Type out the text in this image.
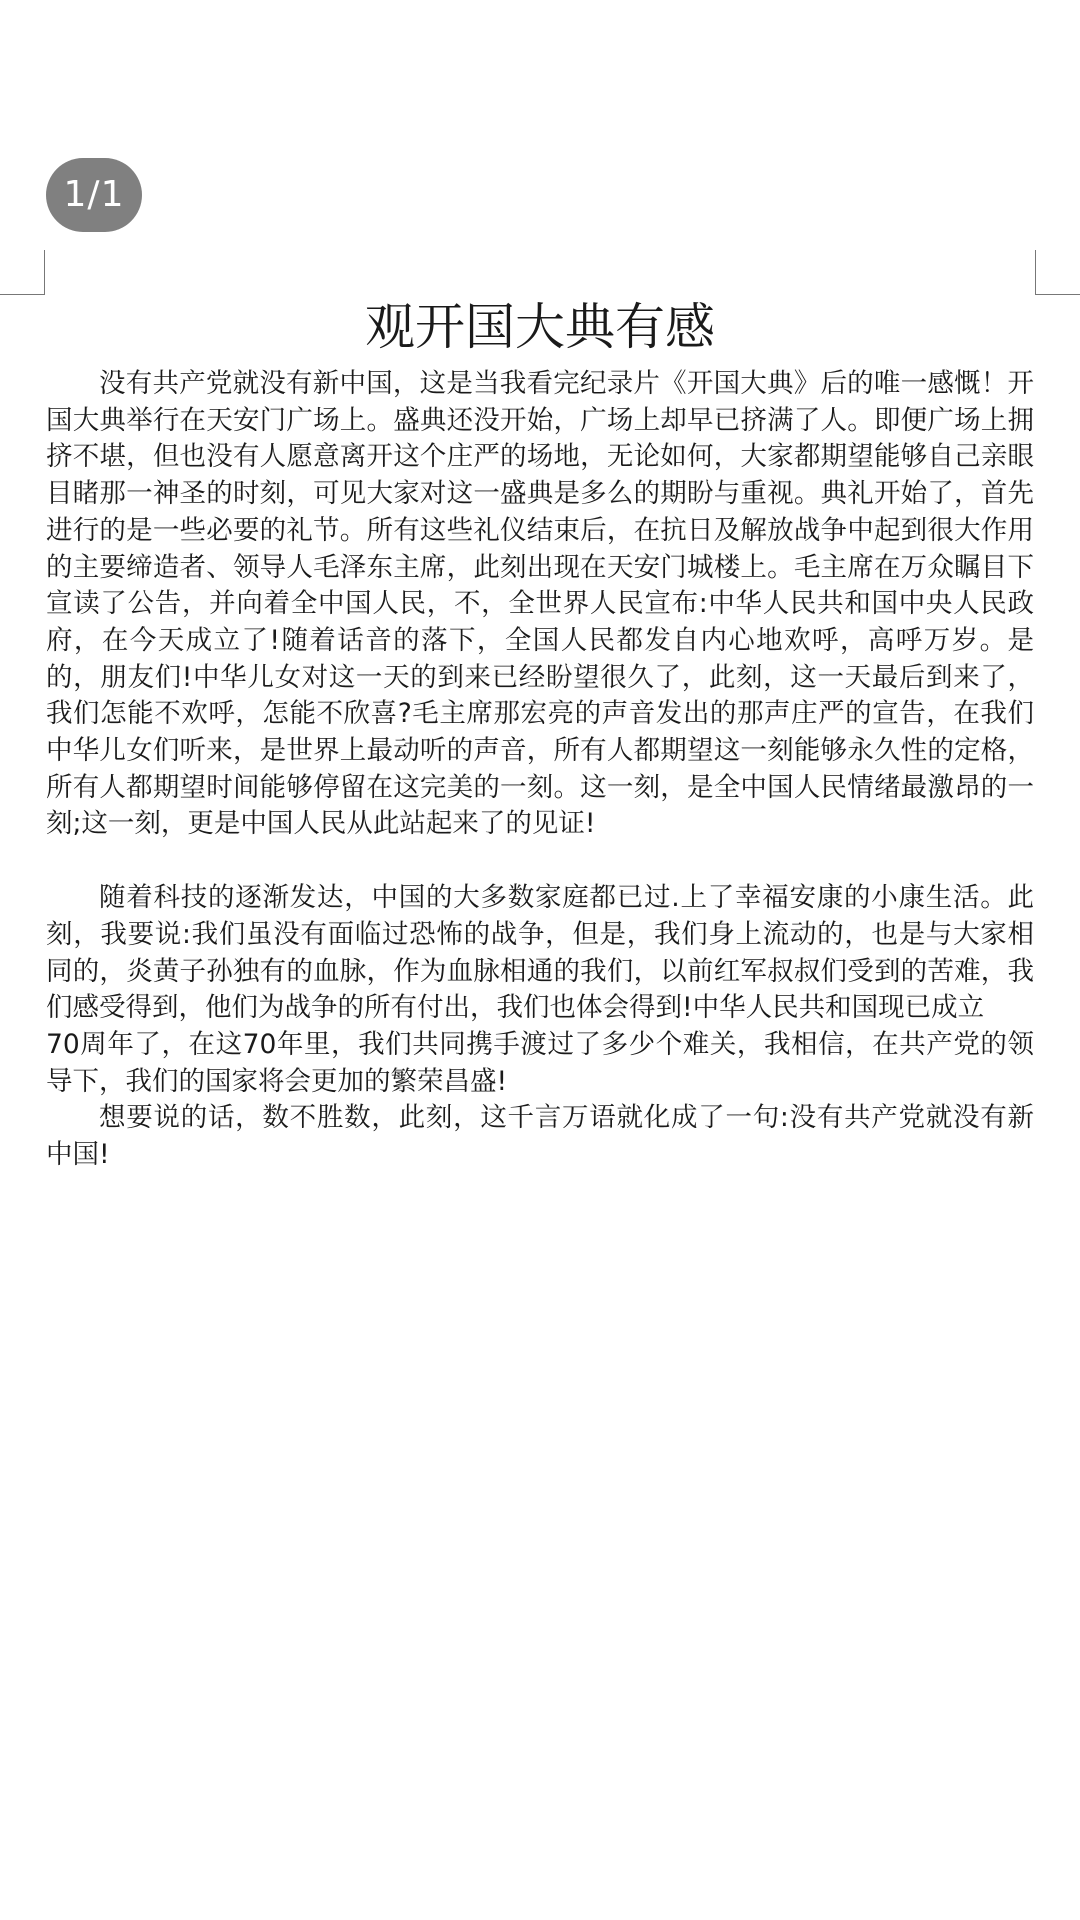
1/1
观开国大典有感

没有共产党就没有新中国，这是当我看完纪录片《开国大典》后的唯一感慨！开国大典举行在天安门广场上。盛典还没开始，广场上却早已挤满了人。即便广场上拥挤不堪，但也没有人愿意离开这个庄严的场地，无论如何，大家都期望能够自己亲眼目睹那一神圣的时刻，可见大家对这一盛典是多么的期盼与重视。典礼开始了，首先进行的是一些必要的礼节。所有这些礼仪结束后，在抗日及解放战争中起到很大作用的主要缔造者、领导人毛泽东主席，此刻出现在天安门城楼上。毛主席在万众瞩目下宣读了公告，并向着全中国人民，不，全世界人民宣布:中华人民共和国中央人民政府，在今天成立了!随着话音的落下，全国人民都发自内心地欢呼，高呼万岁。是的，朋友们!中华儿女对这一天的到来已经盼望很久了，此刻，这一天最后到来了，我们怎能不欢呼，怎能不欣喜?毛主席那宏亮的声音发出的那声庄严的宣告，在我们中华儿女们听来，是世界上最动听的声音，所有人都期望这一刻能够永久性的定格，所有人都期望时间能够停留在这完美的一刻。这一刻，是全中国人民情绪最激昂的一刻;这一刻，更是中国人民从此站起来了的见证!

随着科技的逐渐发达，中国的大多数家庭都已过.上了幸福安康的小康生活。此刻，我要说:我们虽没有面临过恐怖的战争，但是，我们身上流动的，也是与大家相同的，炎黄子孙独有的血脉，作为血脉相通的我们，以前红军叔叔们受到的苦难，我们感受得到，他们为战争的所有付出，我们也体会得到!中华人民共和国现已成立
70周年了，在这70年里，我们共同携手渡过了多少个难关，我相信，在共产党的领导下，我们的国家将会更加的繁荣昌盛!

想要说的话，数不胜数，此刻，这千言万语就化成了一句:没有共产党就没有新中国!
